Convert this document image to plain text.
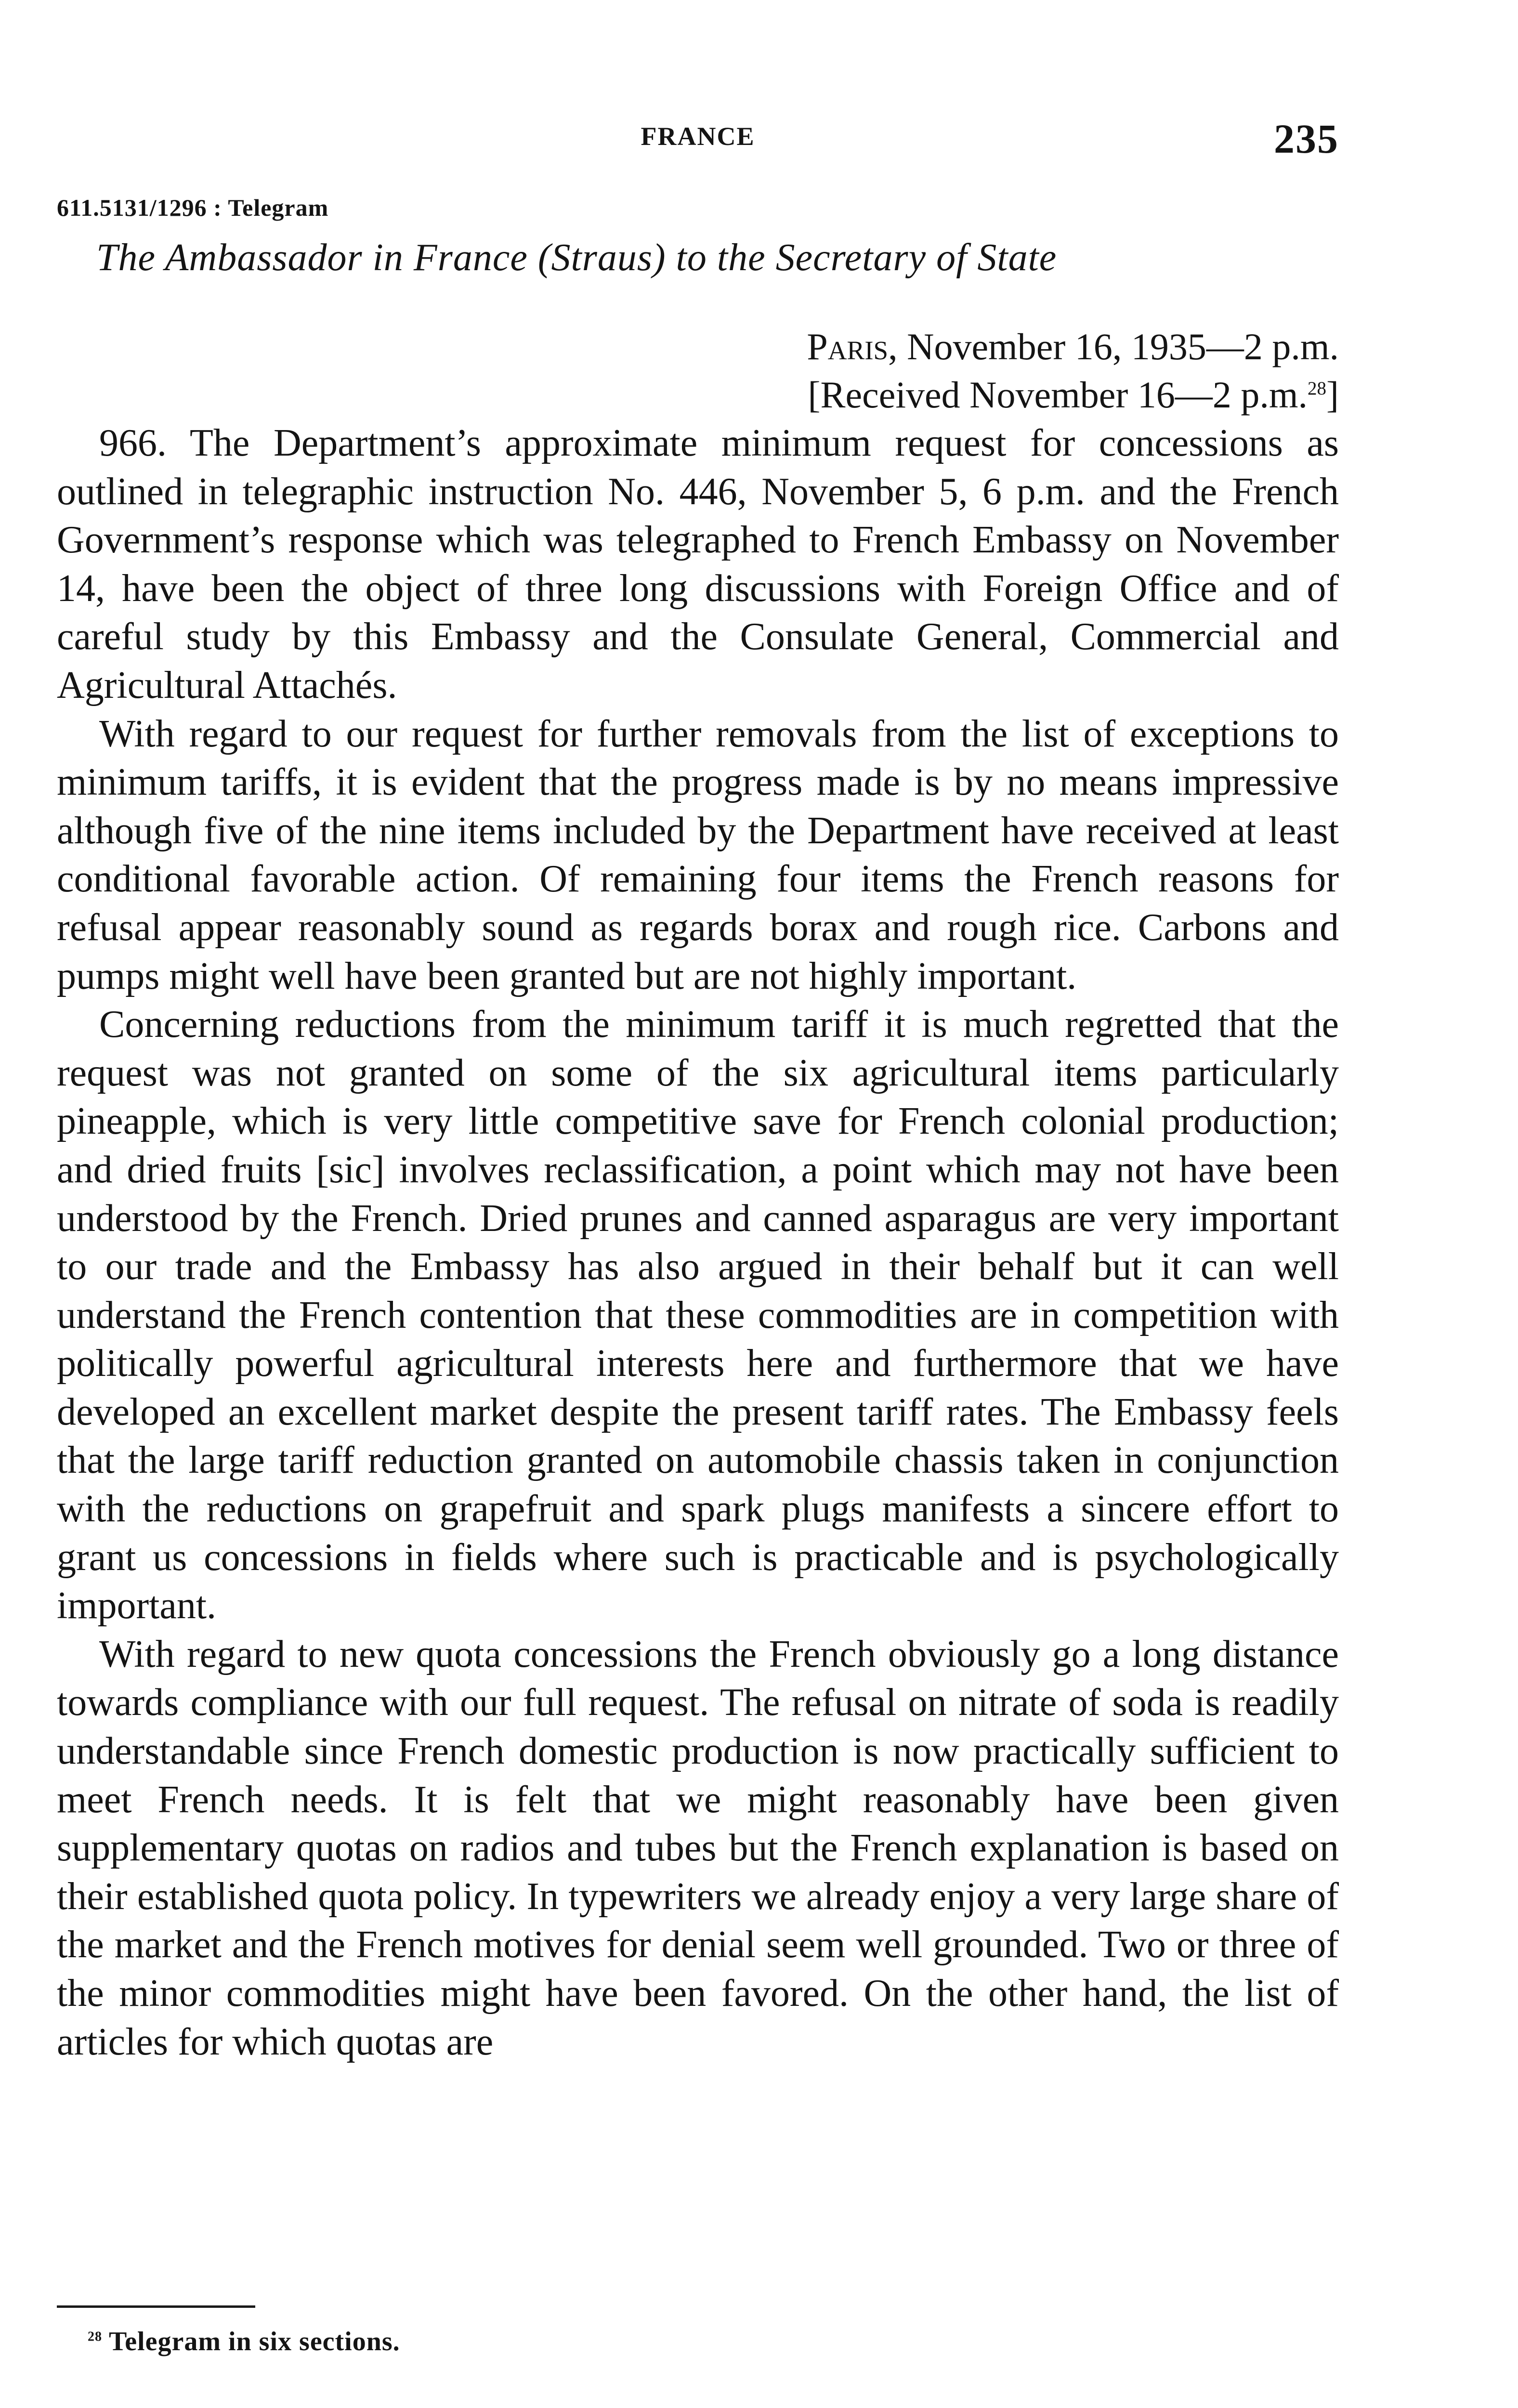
FRANCE	235
611.5131/1296 : Telegram
The Ambassador in France (Straus) to the Secretary of State
Paris, November 16, 1935—2 p.m.
[Received November 16—2 p.m.$^{28}$]

966. The Department’s approximate minimum request for concessions as outlined in telegraphic instruction No. 446, November 5, 6 p.m. and the French Government’s response which was telegraphed to French Embassy on November 14, have been the object of three long discussions with Foreign Office and of careful study by this Embassy and the Consulate General, Commercial and Agricultural Attachés.

With regard to our request for further removals from the list of exceptions to minimum tariffs, it is evident that the progress made is by no means impressive although five of the nine items included by the Department have received at least conditional favorable action. Of remaining four items the French reasons for refusal appear reasonably sound as regards borax and rough rice. Carbons and pumps might well have been granted but are not highly important.

Concerning reductions from the minimum tariff it is much regretted that the request was not granted on some of the six agricultural items particularly pineapple, which is very little competitive save for French colonial production; and dried fruits [sic] involves reclassification, a point which may not have been understood by the French. Dried prunes and canned asparagus are very important to our trade and the Embassy has also argued in their behalf but it can well understand the French contention that these commodities are in competition with politically powerful agricultural interests here and furthermore that we have developed an excellent market despite the present tariff rates. The Embassy feels that the large tariff reduction granted on automobile chassis taken in conjunction with the reductions on grapefruit and spark plugs manifests a sincere effort to grant us concessions in fields where such is practicable and is psychologically important.

With regard to new quota concessions the French obviously go a long distance towards compliance with our full request. The refusal on nitrate of soda is readily understandable since French domestic production is now practically sufficient to meet French needs. It is felt that we might reasonably have been given supplementary quotas on radios and tubes but the French explanation is based on their established quota policy. In typewriters we already enjoy a very large share of the market and the French motives for denial seem well grounded. Two or three of the minor commodities might have been favored. On the other hand, the list of articles for which quotas are

$^{28}$ Telegram in six sections.
